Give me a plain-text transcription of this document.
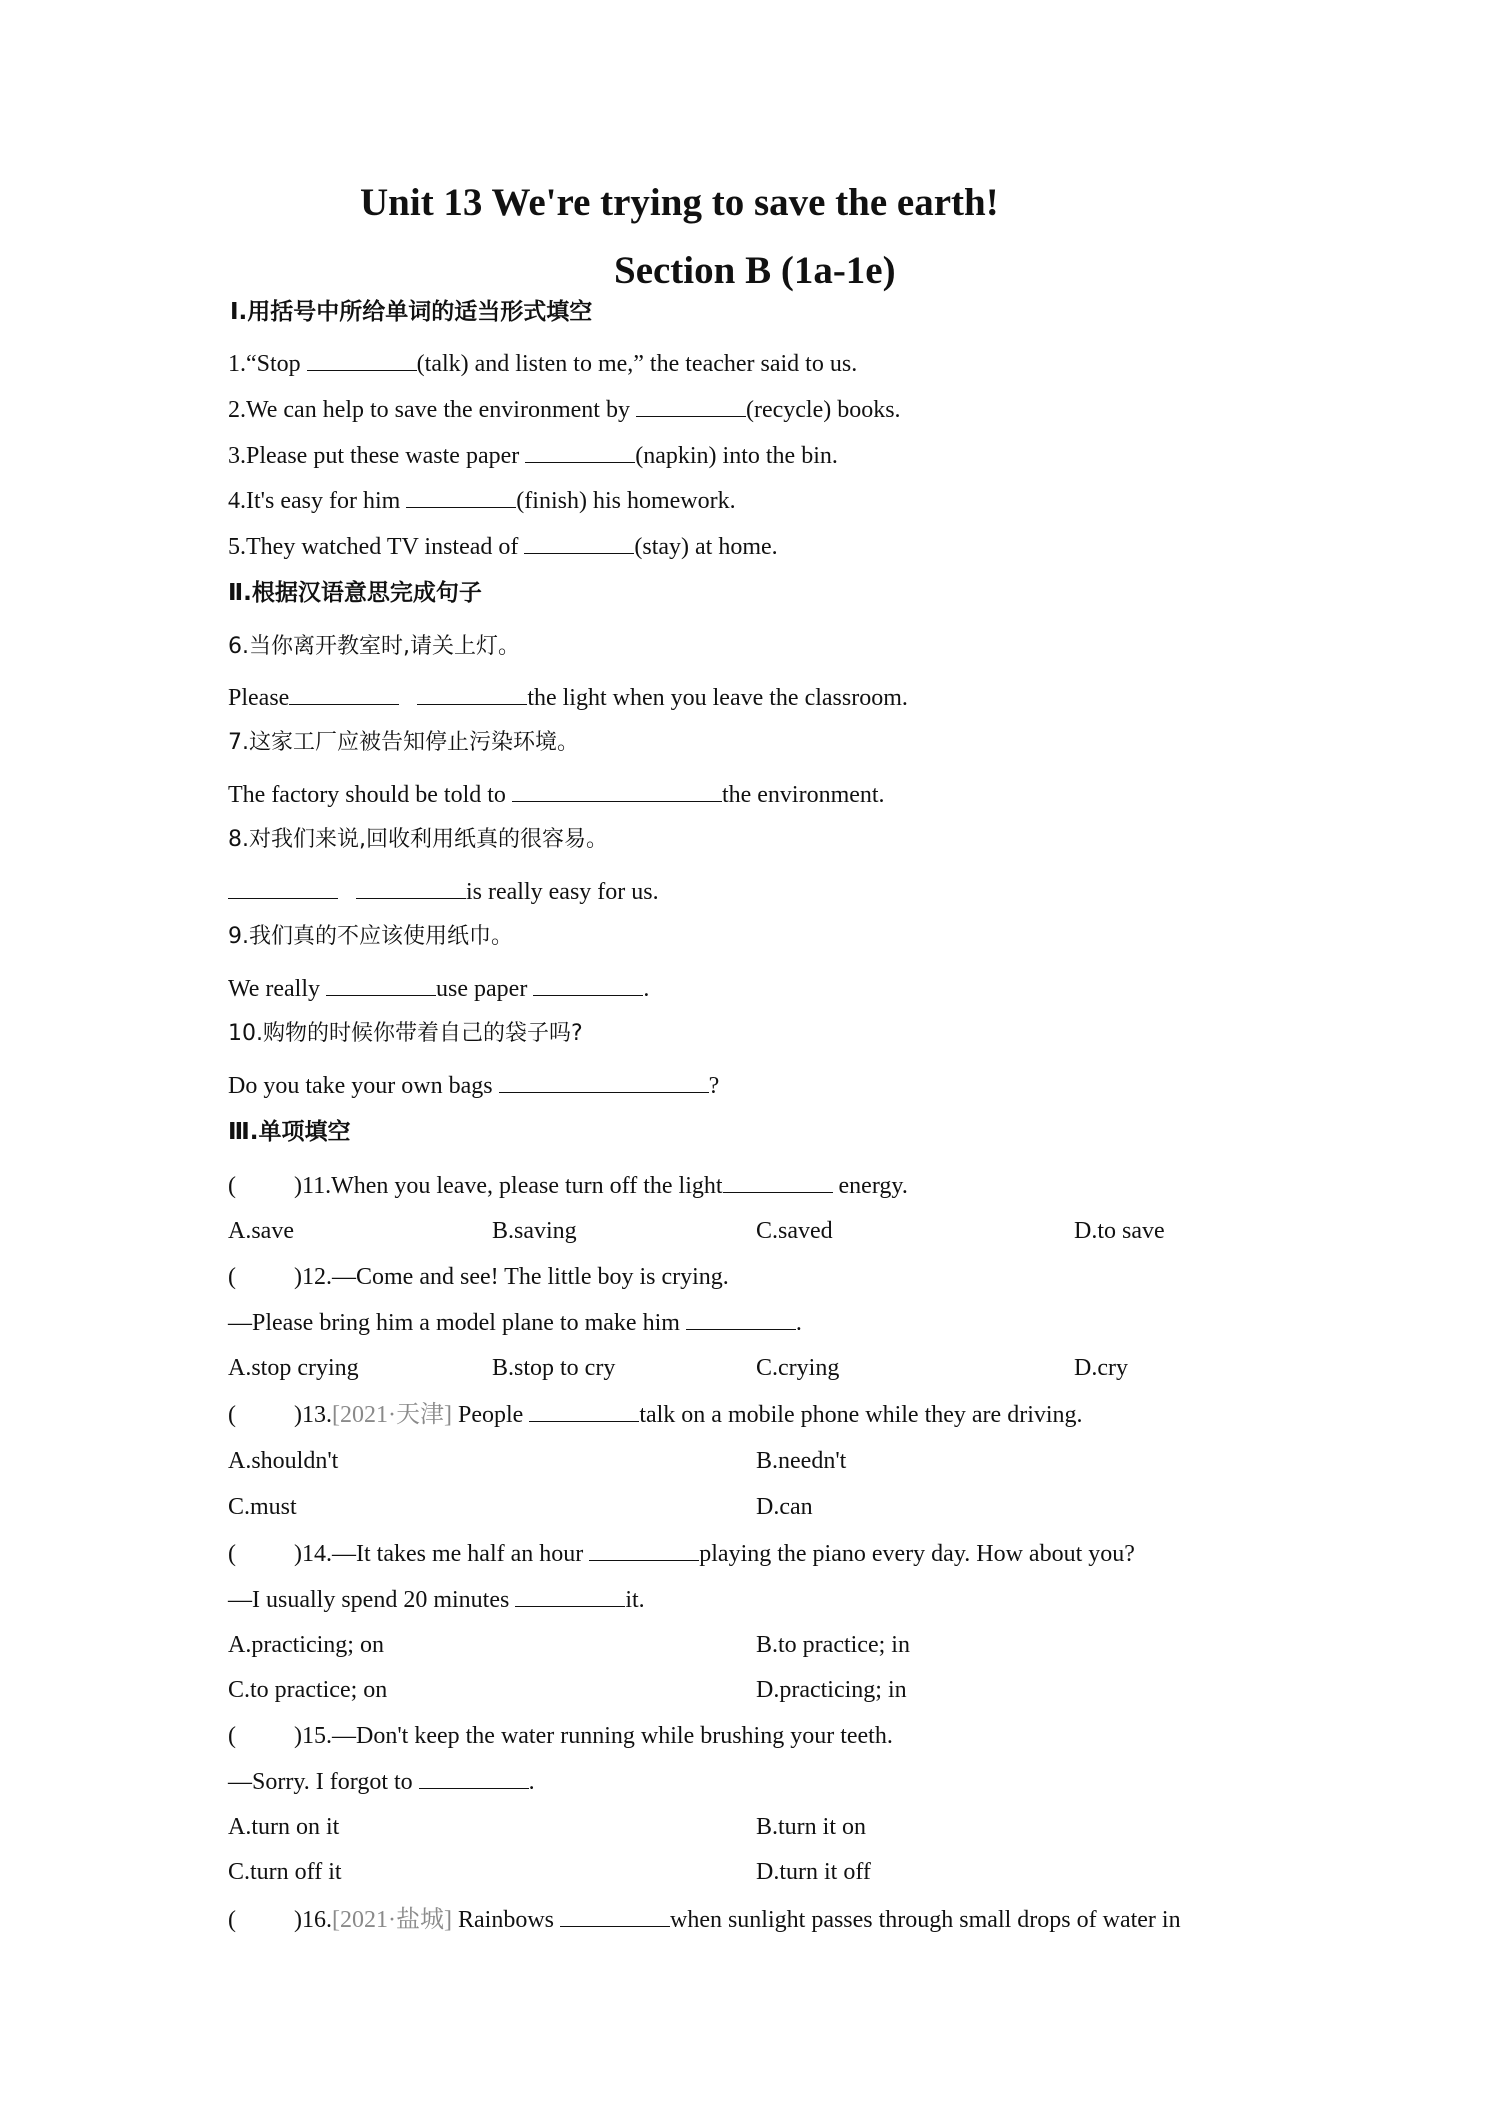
Unit 13 We're trying to save the earth!
Section B (1a-1e)

Ⅰ.用括号中所给单词的适当形式填空

1.“Stop	(talk) and listen to me,” the teacher said to us.

2.We can help to save the environment by	(recycle) books.

3.Please put these waste paper	(napkin) into the bin.

4.It's easy for him	(finish) his homework.

5.They watched TV instead of	(stay) at home.

Ⅱ.根据汉语意思完成句子

6.当你离开教室时,请关上灯。

Please	the light when you leave the classroom.

7.这家工厂应被告知停止污染环境。

The factory should be told to	the environment.

8.对我们来说,回收利用纸真的很容易。

is really easy for us.

9.我们真的不应该使用纸巾。

We really	use paper	.

10.购物的时候你带着自己的袋子吗?

Do you take your own bags	?

Ⅲ.单项填空

( )11.When you leave, please turn off the light	energy.

A.save	B.saving	C.saved	D.to save

( )12.—Come and see! The little boy is crying.

—Please bring him a model plane to make him	.

A.stop crying	B.stop to cry	C.crying	D.cry

( )13.[2021·天津] People	talk on a mobile phone while they are driving.

A.shouldn't	B.needn't
C.must	D.can

( )14.—It takes me half an hour	playing the piano every day. How about you?

—I usually spend 20 minutes	it.

A.practicing; on	B.to practice; in
C.to practice; on	D.practicing; in

( )15.—Don't keep the water running while brushing your teeth.

—Sorry. I forgot to	.

A.turn on it	B.turn it on
C.turn off it	D.turn it off

( )16.[2021·盐城] Rainbows	when sunlight passes through small drops of water in
